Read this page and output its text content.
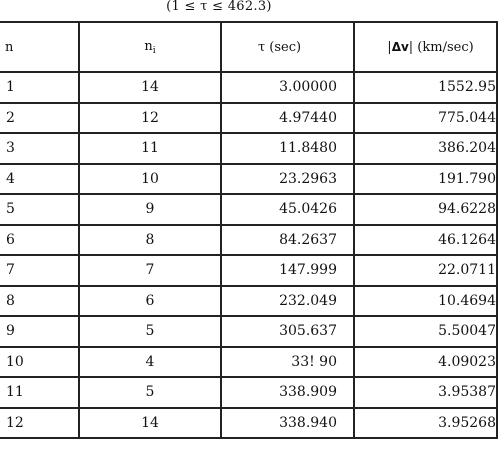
(1 ≤ τ ≤ 462.3)
n	$n_i$	τ (sec)	|Δv| (km/sec)
1	14	3.00000	1552.95
2	12	4.97440	775.044
3	11	11.8480	386.204
4	10	23.2963	191.790
5	9	45.0426	94.6228
6	8	84.2637	46.1264
7	7	147.999	22.0711
8	6	232.049	10.4694
9	5	305.637	5.50047
10	4	33! 90	4.09023
11	5	338.909	3.95387
12	14	338.940	3.95268
